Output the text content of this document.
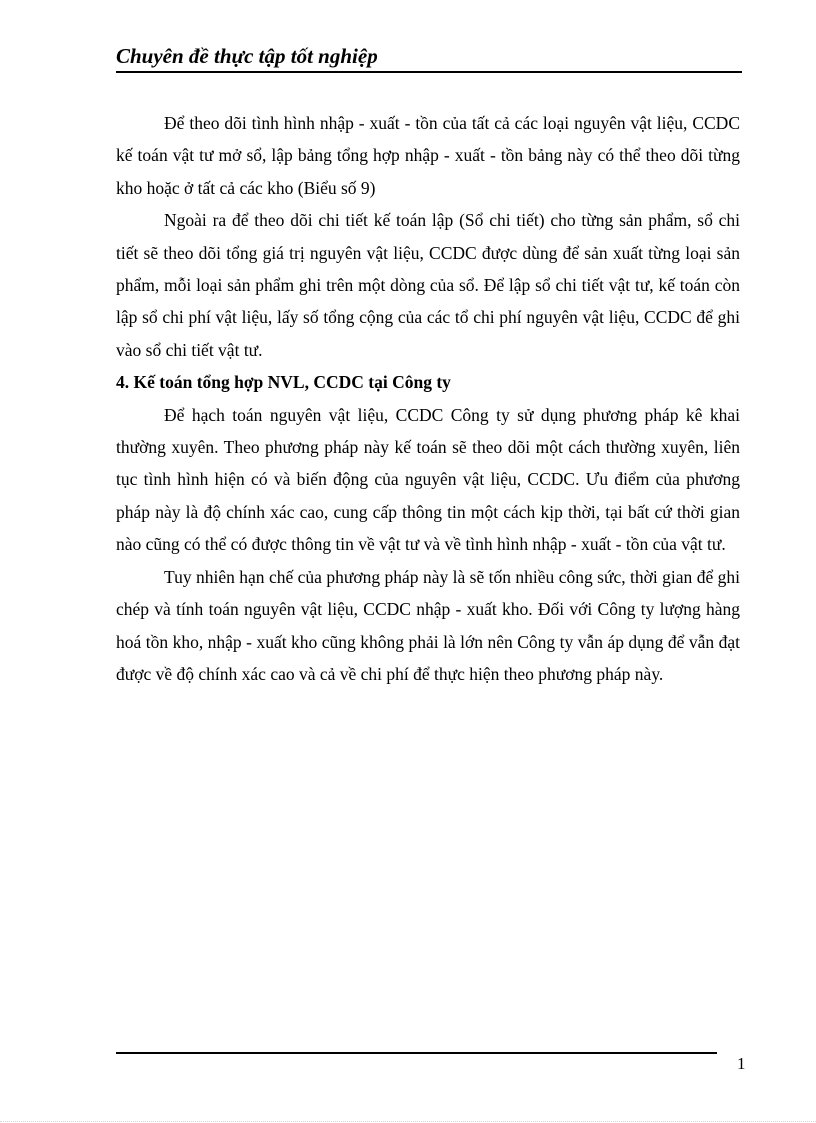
Chuyên đề thực tập tốt nghiệp

Để theo dõi tình hình nhập - xuất - tồn của tất cả các loại nguyên vật liệu, CCDC kế toán vật tư mở sổ, lập bảng tổng hợp nhập - xuất - tồn bảng này có thể theo dõi từng kho hoặc ở tất cả các kho (Biểu số 9)

Ngoài ra để theo dõi chi tiết kế toán lập (Sổ chi tiết) cho từng sản phẩm, sổ chi tiết sẽ theo dõi tổng giá trị nguyên vật liệu, CCDC được dùng để sản xuất từng loại sản phẩm, mỗi loại sản phẩm ghi trên một dòng của sổ. Để lập sổ chi tiết vật tư, kế toán còn lập sổ chi phí vật liệu, lấy số tổng cộng của các tổ chi phí nguyên vật liệu, CCDC để ghi vào sổ chi tiết vật tư.

4. Kế toán tổng hợp NVL, CCDC tại Công ty

Để hạch toán nguyên vật liệu, CCDC Công ty sử dụng phương pháp kê khai thường xuyên. Theo phương pháp này kế toán sẽ theo dõi một cách thường xuyên, liên tục tình hình hiện có và biến động của nguyên vật liệu, CCDC. Ưu điểm của phương pháp này là độ chính xác cao, cung cấp thông tin một cách kịp thời, tại bất cứ thời gian nào cũng có thể có được thông tin về vật tư và về tình hình nhập - xuất - tồn của vật tư.

Tuy nhiên hạn chế của phương pháp này là sẽ tốn nhiều công sức, thời gian để ghi chép và tính toán nguyên vật liệu, CCDC nhập - xuất kho. Đối với Công ty lượng hàng hoá tồn kho, nhập - xuất kho cũng không phải là lớn nên Công ty vẫn áp dụng để vẫn đạt được về độ chính xác cao và cả về chi phí để thực hiện theo phương pháp này.

1
